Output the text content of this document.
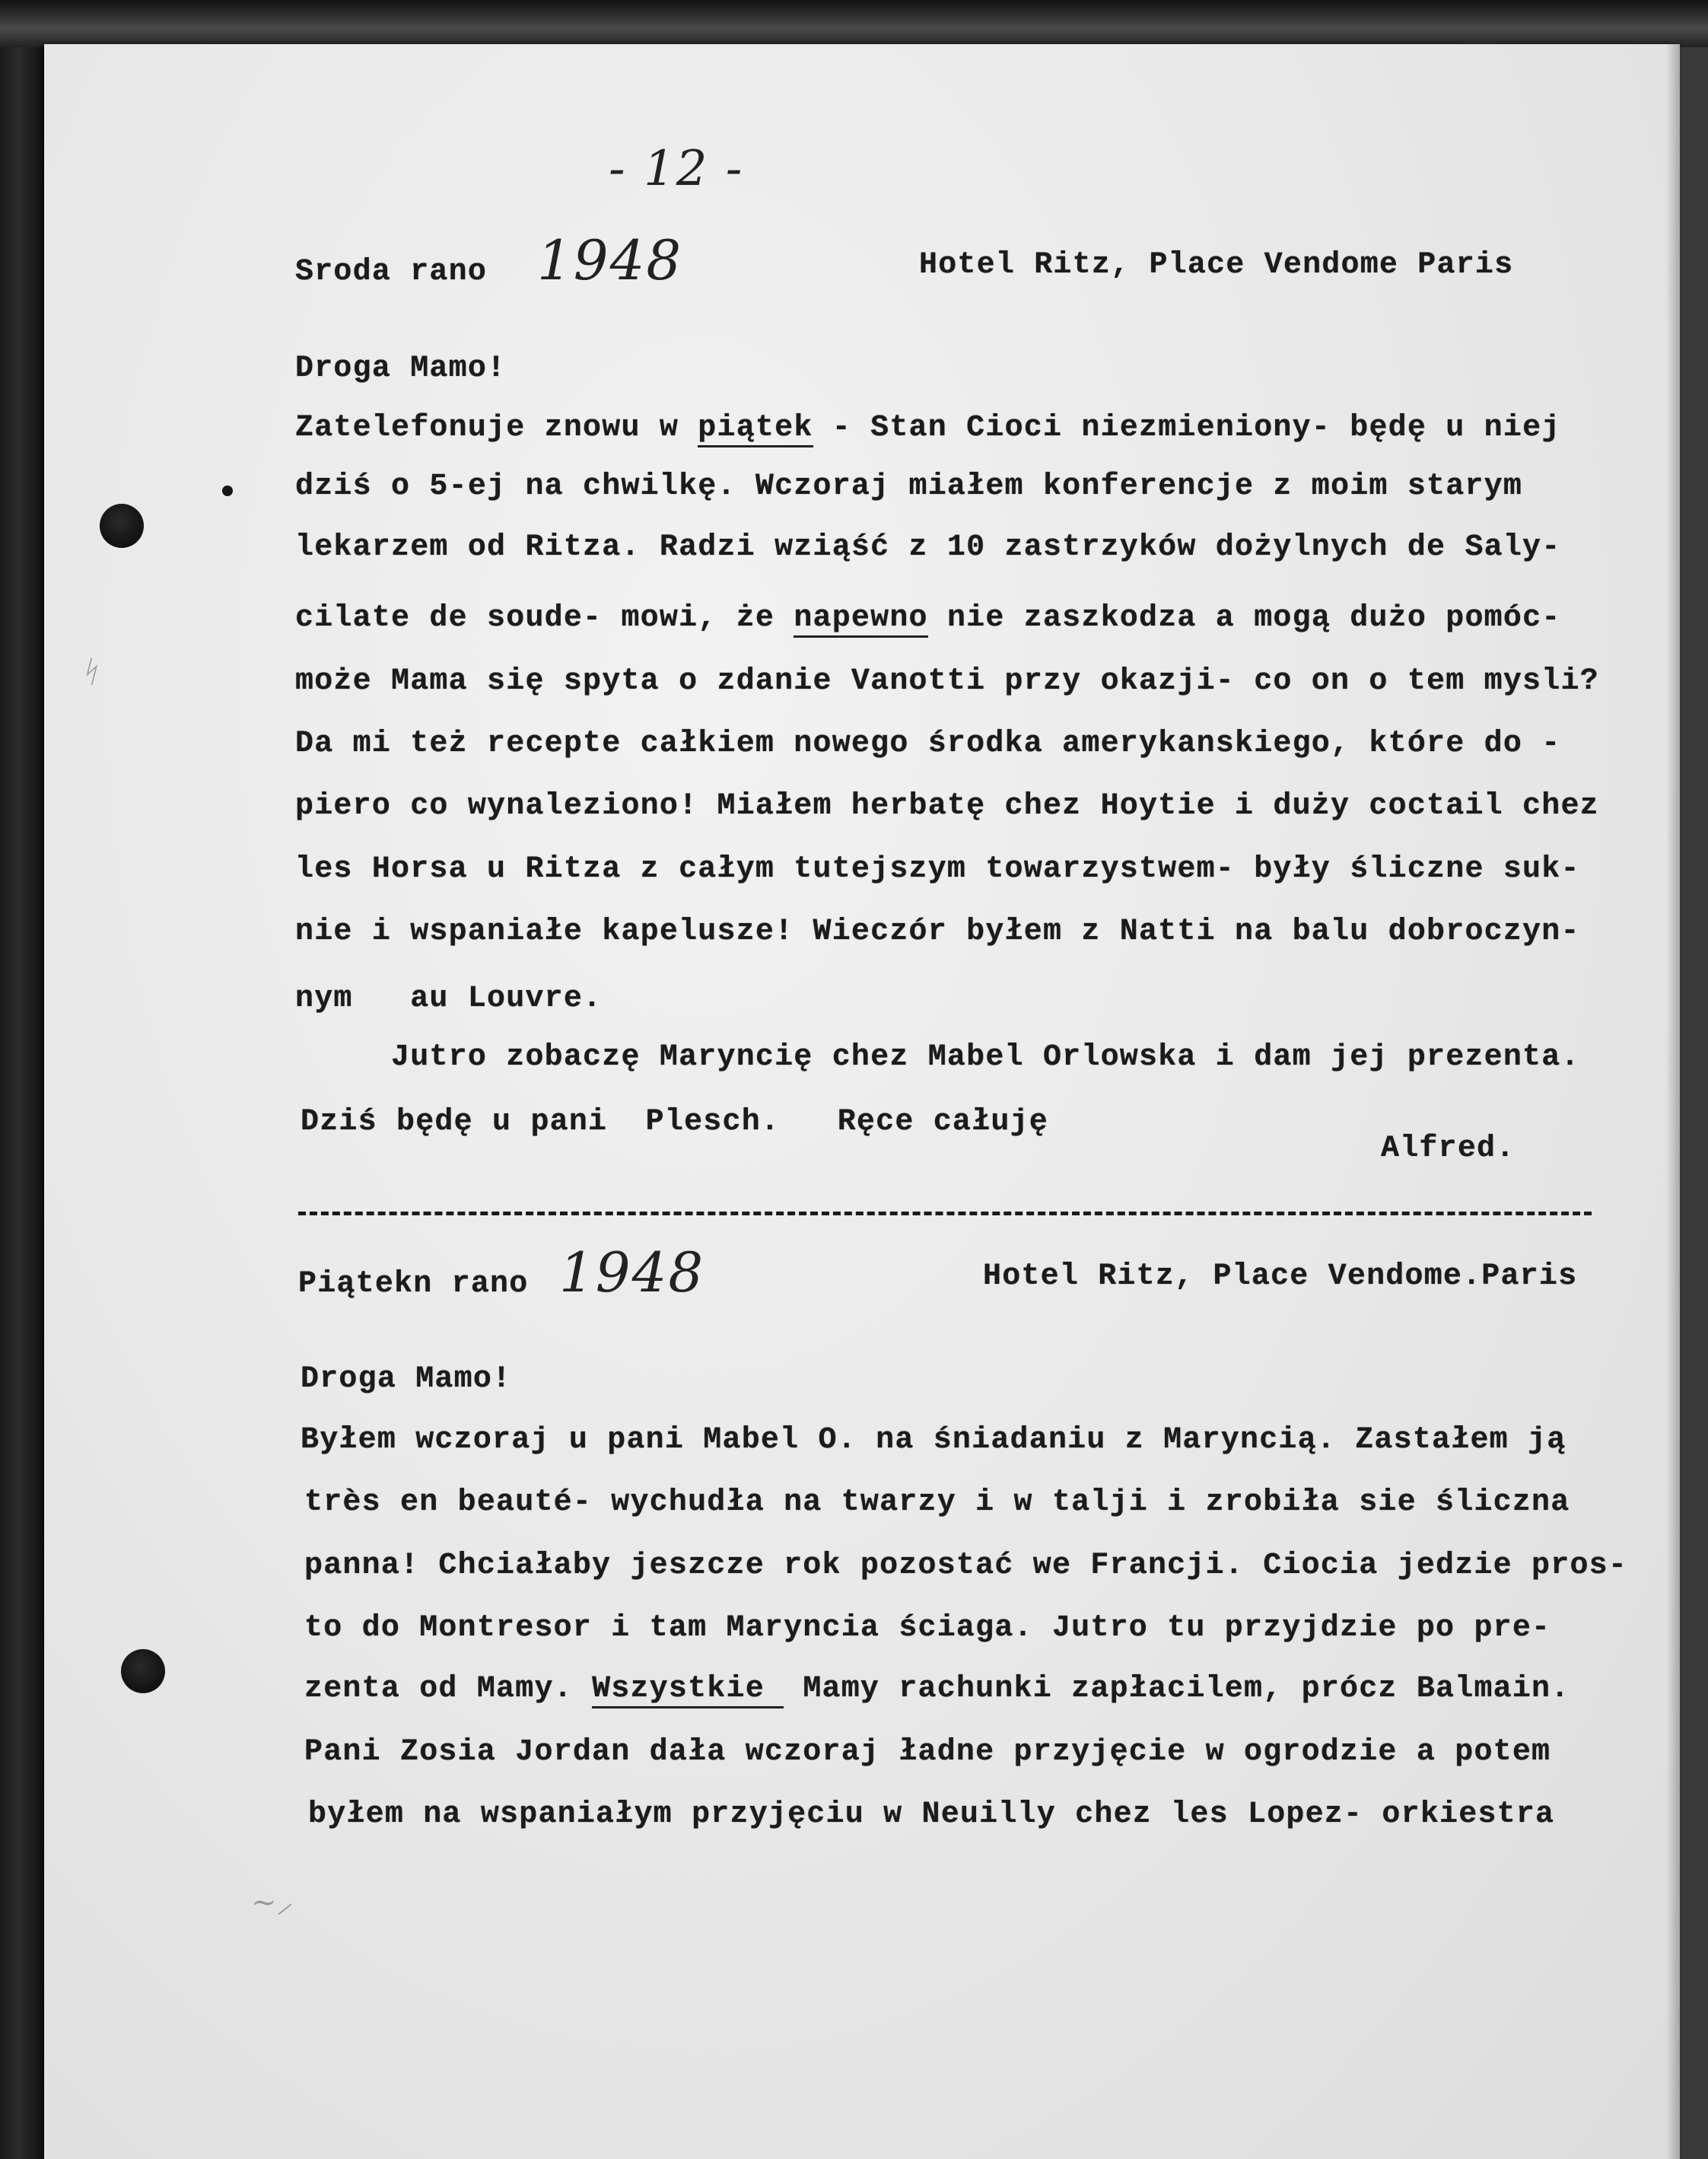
- 12 -

Sroda rano 1948	Hotel Ritz, Place Vendome Paris

Droga Mamo!

Zatelefonuje znowu w piątek - Stan Cioci niezmieniony- będę u niej

dziś o 5-ej na chwilkę. Wczoraj miałem konferencje z moim starym

lekarzem od Ritza. Radzi wziąść z 10 zastrzyków dożylnych de Saly-

cilate de soude- mowi, że napewno nie zaszkodza a mogą dużo pomóc-

może Mama się spyta o zdanie Vanotti przy okazji- co on o tem mysli?

Da mi też recepte całkiem nowego środka amerykanskiego, które do -

piero co wynaleziono! Miałem herbatę chez Hoytie i duży coctail chez

les Horsa u Ritza z całym tutejszym towarzystwem- były śliczne suk-

nie i wspaniałe kapelusze! Wieczór byłem z Natti na balu dobroczyn-

nym   au Louvre.

Jutro zobaczę Maryncię chez Mabel Orlowska i dam jej prezenta.

Dziś będę u pani  Plesch.   Ręce całuję

Alfred.

Piątekn rano 1948	Hotel Ritz, Place Vendome.Paris

Droga Mamo!

Byłem wczoraj u pani Mabel O. na śniadaniu z Maryncią. Zastałem ją

très en beauté- wychudła na twarzy i w talji i zrobiła sie śliczna

panna! Chciałaby jeszcze rok pozostać we Francji. Ciocia jedzie pros-

to do Montresor i tam Maryncia ściaga. Jutro tu przyjdzie po pre-

zenta od Mamy. Wszystkie  Mamy rachunki zapłacilem, prócz Balmain.

Pani Zosia Jordan dała wczoraj ładne przyjęcie w ogrodzie a potem

byłem na wspaniałym przyjęciu w Neuilly chez les Lopez- orkiestra

ᛋ
~⸝
